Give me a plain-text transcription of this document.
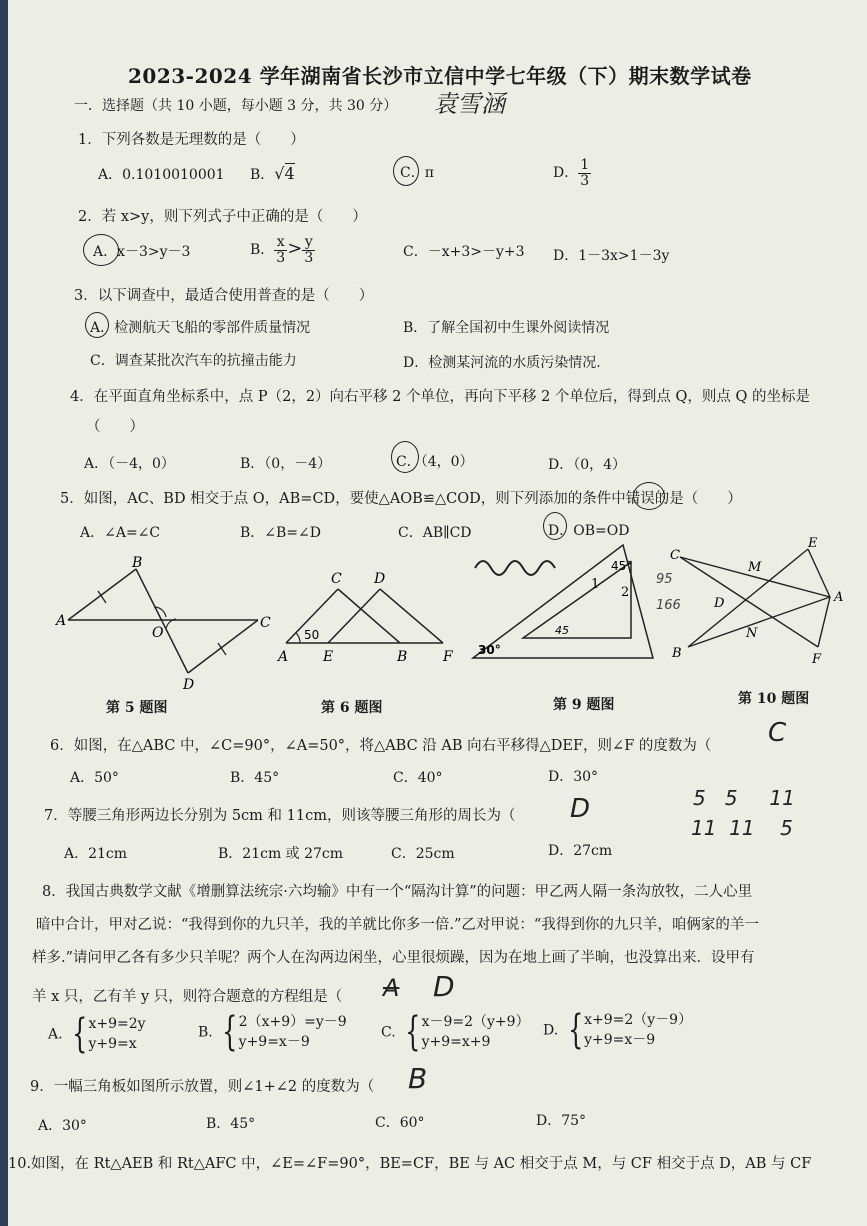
2023-2024 学年湖南省长沙市立信中学七年级（下）期末数学试卷
一．选择题（共 10 小题，每小题 3 分，共 30 分） 袁雪涵
1．下列各数是无理数的是（　　）
A．0.1010010001 B．√4	C．π	D． $\frac{1}{3}$
2．若 x>y，则下列式子中正确的是（　　）
A．x－3>y－3	B． $\frac{x}{3} > \frac{y}{3}$	C．－x+3>－y+3 D．1－3x>1－3y
3．以下调查中，最适合使用普查的是（　　）
A．检测航天飞船的零部件质量情况	B．了解全国初中生课外阅读情况
C．调查某批次汽车的抗撞击能力	D．检测某河流的水质污染情况.
4．在平面直角坐标系中，点 P（2，2）向右平移 2 个单位，再向下平移 2 个单位后，得到点 Q，则点 Q 的坐标是
（　　）
A．（－4，0）	B．（0，－4）	C．（4，0）	D．（0，4）
5．如图，AC、BD 相交于点 O，AB=CD，要使△AOB≌△COD，则下列添加的条件中错误的是（　　）
A．∠A=∠C	B．∠B=∠D	C．AB∥CD	D．OB=OD
A
B
C
D
O	50
A
C D
E	B	F 30°
45°
1
2
45
95
166
C
E
M
D	A
N
B	F
第 5 题图	第 6 题图	第 9 题图	第 10 题图
6．如图，在△ABC 中，∠C=90°，∠A=50°，将△ABC 沿 AB 向右平移得△DEF，则∠F 的度数为（ C
A．50°	B．45°	C．40°	D．30°
7．等腰三角形两边长分别为 5cm 和 11cm，则该等腰三角形的周长为（ D	5 5 11
11 11 5
A．21cm	B．21cm 或 27cm	C．25cm	D．27cm
8．我国古典数学文献《增删算法统宗·六均输》中有一个“隔沟计算”的问题：甲乙两人隔一条沟放牧，二人心里
暗中合计，甲对乙说：“我得到你的九只羊，我的羊就比你多一倍.”乙对甲说：“我得到你的九只羊，咱俩家的羊一
样多.”请问甲乙各有多少只羊呢？两个人在沟两边闲坐，心里很烦躁，因为在地上画了半晌，也没算出来．设甲有
羊 x 只，乙有羊 y 只，则符合题意的方程组是（ A D
A. { x+9=2y
y+9=x
B. { 2（x+9）=y－9
y+9=x－9
C. { x－9=2（y+9）
y+9=x+9
D. { x+9=2（y－9）
y+9=x－9
9．一幅三角板如图所示放置，则∠1+∠2 的度数为（ B
A．30°	B．45°	C．60°	D．75°
10.如图，在 Rt△AEB 和 Rt△AFC 中，∠E=∠F=90°，BE=CF，BE 与 AC 相交于点 M，与 CF 相交于点 D，AB 与 CF
